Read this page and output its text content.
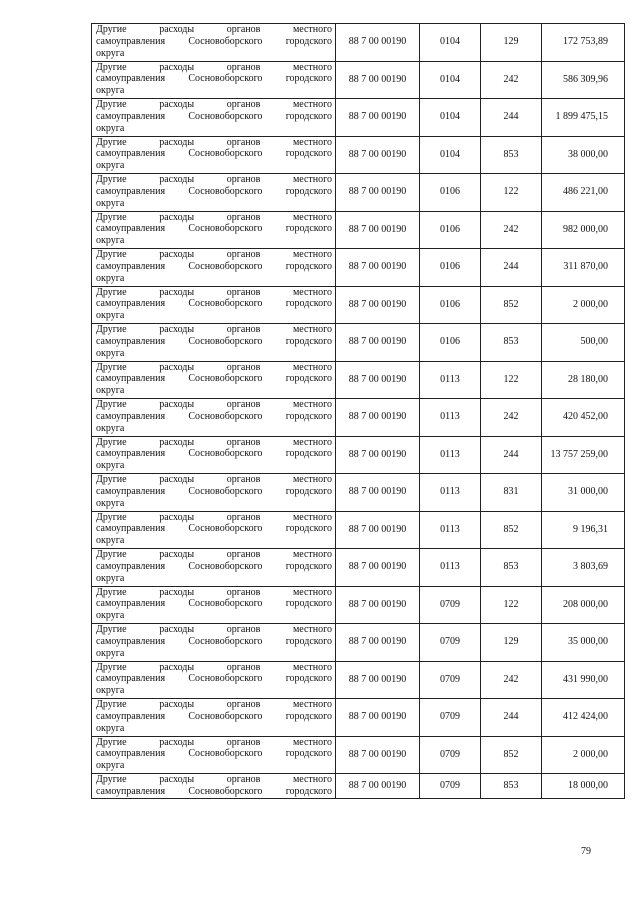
Другие расходы органов местного
самоуправления Сосновоборского городского
округа	88 7 00 00190	0104	129	172 753,89

Другие расходы органов местного
самоуправления Сосновоборского городского
округа	88 7 00 00190	0104	242	586 309,96

Другие расходы органов местного
самоуправления Сосновоборского городского
округа	88 7 00 00190	0104	244	1 899 475,15

Другие расходы органов местного
самоуправления Сосновоборского городского
округа	88 7 00 00190	0104	853	38 000,00

Другие расходы органов местного
самоуправления Сосновоборского городского
округа	88 7 00 00190	0106	122	486 221,00

Другие расходы органов местного
самоуправления Сосновоборского городского
округа	88 7 00 00190	0106	242	982 000,00

Другие расходы органов местного
самоуправления Сосновоборского городского
округа	88 7 00 00190	0106	244	311 870,00

Другие расходы органов местного
самоуправления Сосновоборского городского
округа	88 7 00 00190	0106	852	2 000,00

Другие расходы органов местного
самоуправления Сосновоборского городского
округа	88 7 00 00190	0106	853	500,00

Другие расходы органов местного
самоуправления Сосновоборского городского
округа	88 7 00 00190	0113	122	28 180,00

Другие расходы органов местного
самоуправления Сосновоборского городского
округа	88 7 00 00190	0113	242	420 452,00

Другие расходы органов местного
самоуправления Сосновоборского городского
округа	88 7 00 00190	0113	244	13 757 259,00

Другие расходы органов местного
самоуправления Сосновоборского городского
округа	88 7 00 00190	0113	831	31 000,00

Другие расходы органов местного
самоуправления Сосновоборского городского
округа	88 7 00 00190	0113	852	9 196,31

Другие расходы органов местного
самоуправления Сосновоборского городского
округа	88 7 00 00190	0113	853	3 803,69

Другие расходы органов местного
самоуправления Сосновоборского городского
округа	88 7 00 00190	0709	122	208 000,00

Другие расходы органов местного
самоуправления Сосновоборского городского
округа	88 7 00 00190	0709	129	35 000,00

Другие расходы органов местного
самоуправления Сосновоборского городского
округа	88 7 00 00190	0709	242	431 990,00

Другие расходы органов местного
самоуправления Сосновоборского городского
округа	88 7 00 00190	0709	244	412 424,00

Другие расходы органов местного
самоуправления Сосновоборского городского
округа	88 7 00 00190	0709	852	2 000,00

Другие расходы органов местного
самоуправления Сосновоборского городского	88 7 00 00190	0709	853	18 000,00
79
